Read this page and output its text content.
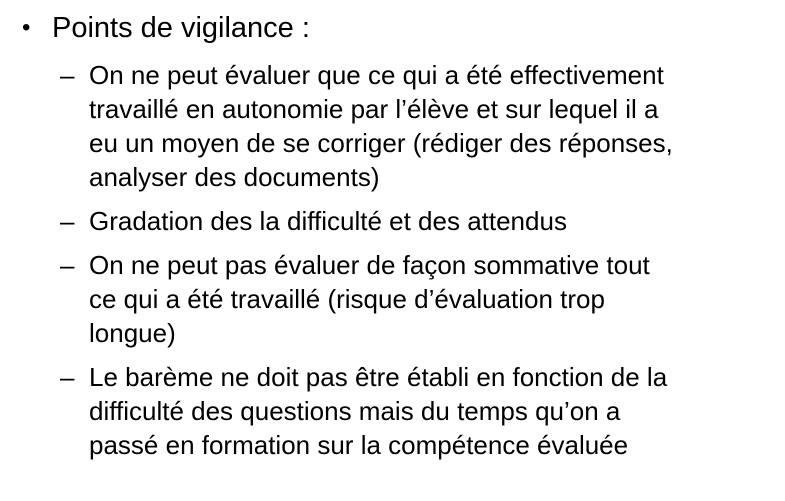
• Points de vigilance :
– On ne peut évaluer que ce qui a été effectivement
travaillé en autonomie par l’élève et sur lequel il a
eu un moyen de se corriger (rédiger des réponses,
analyser des documents)
– Gradation des la difficulté et des attendus
– On ne peut pas évaluer de façon sommative tout
ce qui a été travaillé (risque d’évaluation trop
longue)
– Le barème ne doit pas être établi en fonction de la
difficulté des questions mais du temps qu’on a
passé en formation sur la compétence évaluée
